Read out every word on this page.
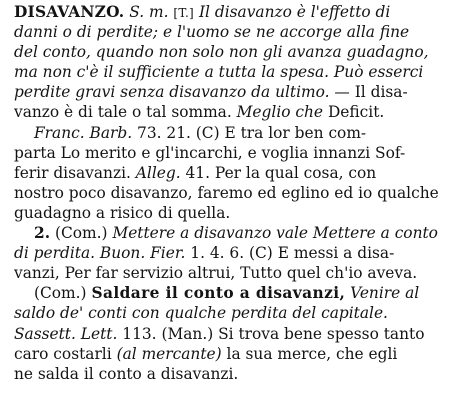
DISAVANZO. S. m. [T.] Il disavanzo è l'effetto di
danni o di perdite; e l'uomo se ne accorge alla fine
del conto, quando non solo non gli avanza guadagno,
ma non c'è il sufficiente a tutta la spesa. Può esserci
perdite gravi senza disavanzo da ultimo. — Il disa-
vanzo è di tale o tal somma. Meglio che Deficit.
Franc. Barb. 73. 21. (C) E tra lor ben com-
parta Lo merito e gl'incarchi, e voglia innanzi Sof-
ferir disavanzi. Alleg. 41. Per la qual cosa, con
nostro poco disavanzo, faremo ed eglino ed io qualche
guadagno a risico di quella.
2. (Com.) Mettere a disavanzo vale Mettere a conto
di perdita. Buon. Fier. 1. 4. 6. (C) E messi a disa-
vanzi, Per far servizio altrui, Tutto quel ch'io aveva.
(Com.) Saldare il conto a disavanzi, Venire al
saldo de' conti con qualche perdita del capitale.
Sassett. Lett. 113. (Man.) Si trova bene spesso tanto
caro costarli (al mercante) la sua merce, che egli
ne salda il conto a disavanzi.
